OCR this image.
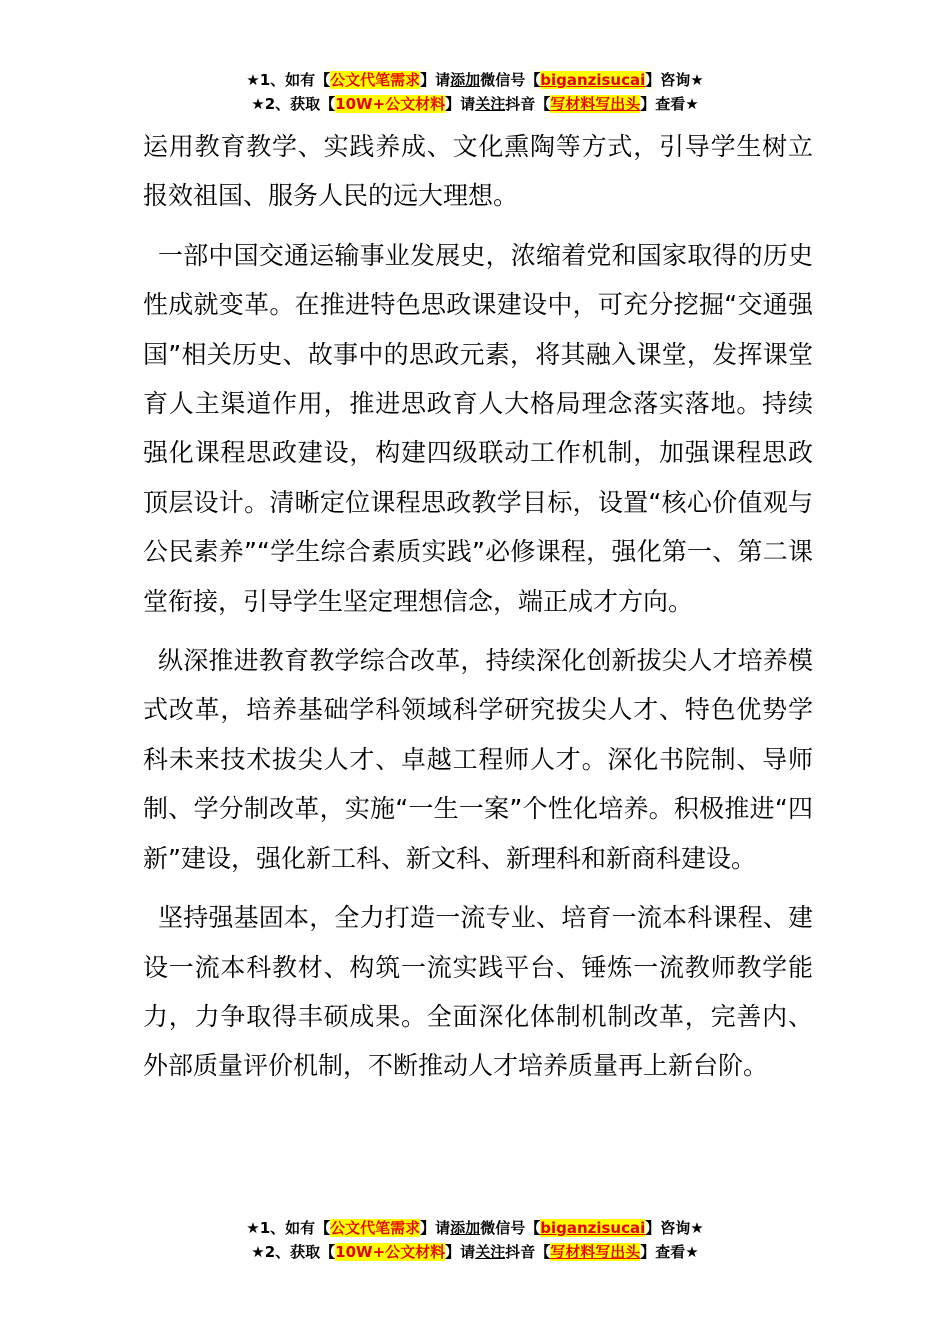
★1、如有【公文代笔需求】请添加微信号【biganzisucai】咨询★
★2、获取【10W+公文材料】请关注抖音【写材料写出头】查看★

运用教育教学、实践养成、文化熏陶等方式，引导学生树立报效祖国、服务人民的远大理想。

一部中国交通运输事业发展史，浓缩着党和国家取得的历史性成就变革。在推进特色思政课建设中，可充分挖掘“交通强国”相关历史、故事中的思政元素，将其融入课堂，发挥课堂育人主渠道作用，推进思政育人大格局理念落实落地。持续强化课程思政建设，构建四级联动工作机制，加强课程思政顶层设计。清晰定位课程思政教学目标，设置“核心价值观与公民素养”“学生综合素质实践”必修课程，强化第一、第二课堂衔接，引导学生坚定理想信念，端正成才方向。

纵深推进教育教学综合改革，持续深化创新拔尖人才培养模式改革，培养基础学科领域科学研究拔尖人才、特色优势学科未来技术拔尖人才、卓越工程师人才。深化书院制、导师制、学分制改革，实施“一生一案”个性化培养。积极推进“四新”建设，强化新工科、新文科、新理科和新商科建设。

坚持强基固本，全力打造一流专业、培育一流本科课程、建设一流本科教材、构筑一流实践平台、锤炼一流教师教学能力，力争取得丰硕成果。全面深化体制机制改革，完善内、外部质量评价机制，不断推动人才培养质量再上新台阶。

★1、如有【公文代笔需求】请添加微信号【biganzisucai】咨询★
★2、获取【10W+公文材料】请关注抖音【写材料写出头】查看★
